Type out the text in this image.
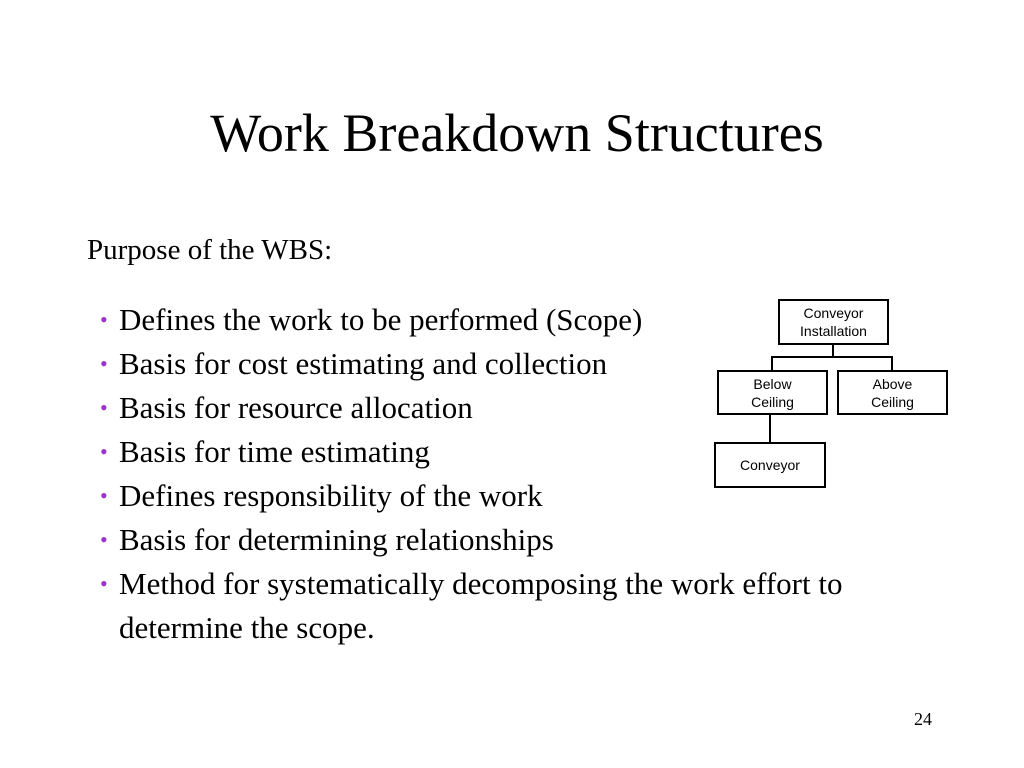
Work Breakdown Structures
Purpose of the WBS:
• Defines the work to be performed (Scope)
• Basis for cost estimating and collection
• Basis for resource allocation
• Basis for time estimating
• Defines responsibility of the work
• Basis for determining relationships
• Method for systematically decomposing the work effort to determine the scope.
Conveyor
Installation
Below
Ceiling
Above
Ceiling
Conveyor
24
